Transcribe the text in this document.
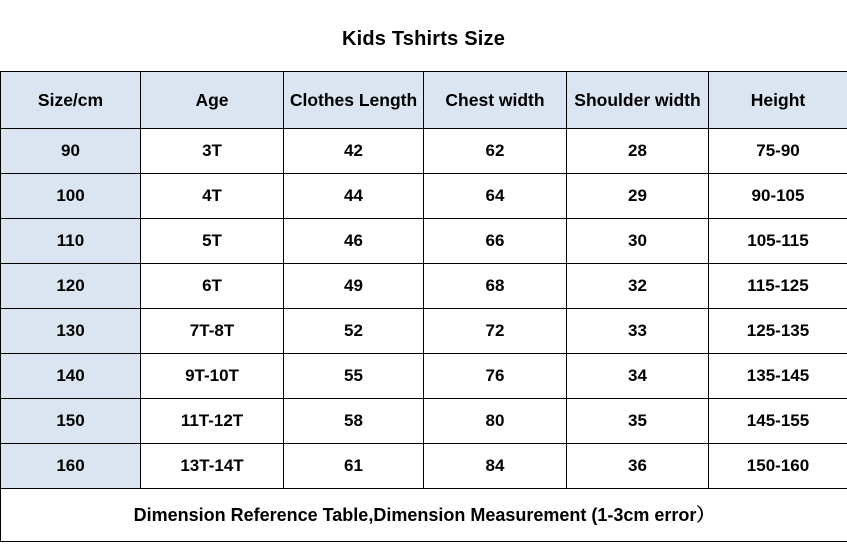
Kids Tshirts Size
Size/cm	Age	Clothes Length	Chest width	Shoulder width	Height
90	3T	42	62	28	75-90
100	4T	44	64	29	90-105
110	5T	46	66	30	105-115
120	6T	49	68	32	115-125
130	7T-8T	52	72	33	125-135
140	9T-10T	55	76	34	135-145
150	11T-12T	58	80	35	145-155
160	13T-14T	61	84	36	150-160
Dimension Reference Table,Dimension Measurement (1-3cm error）					
